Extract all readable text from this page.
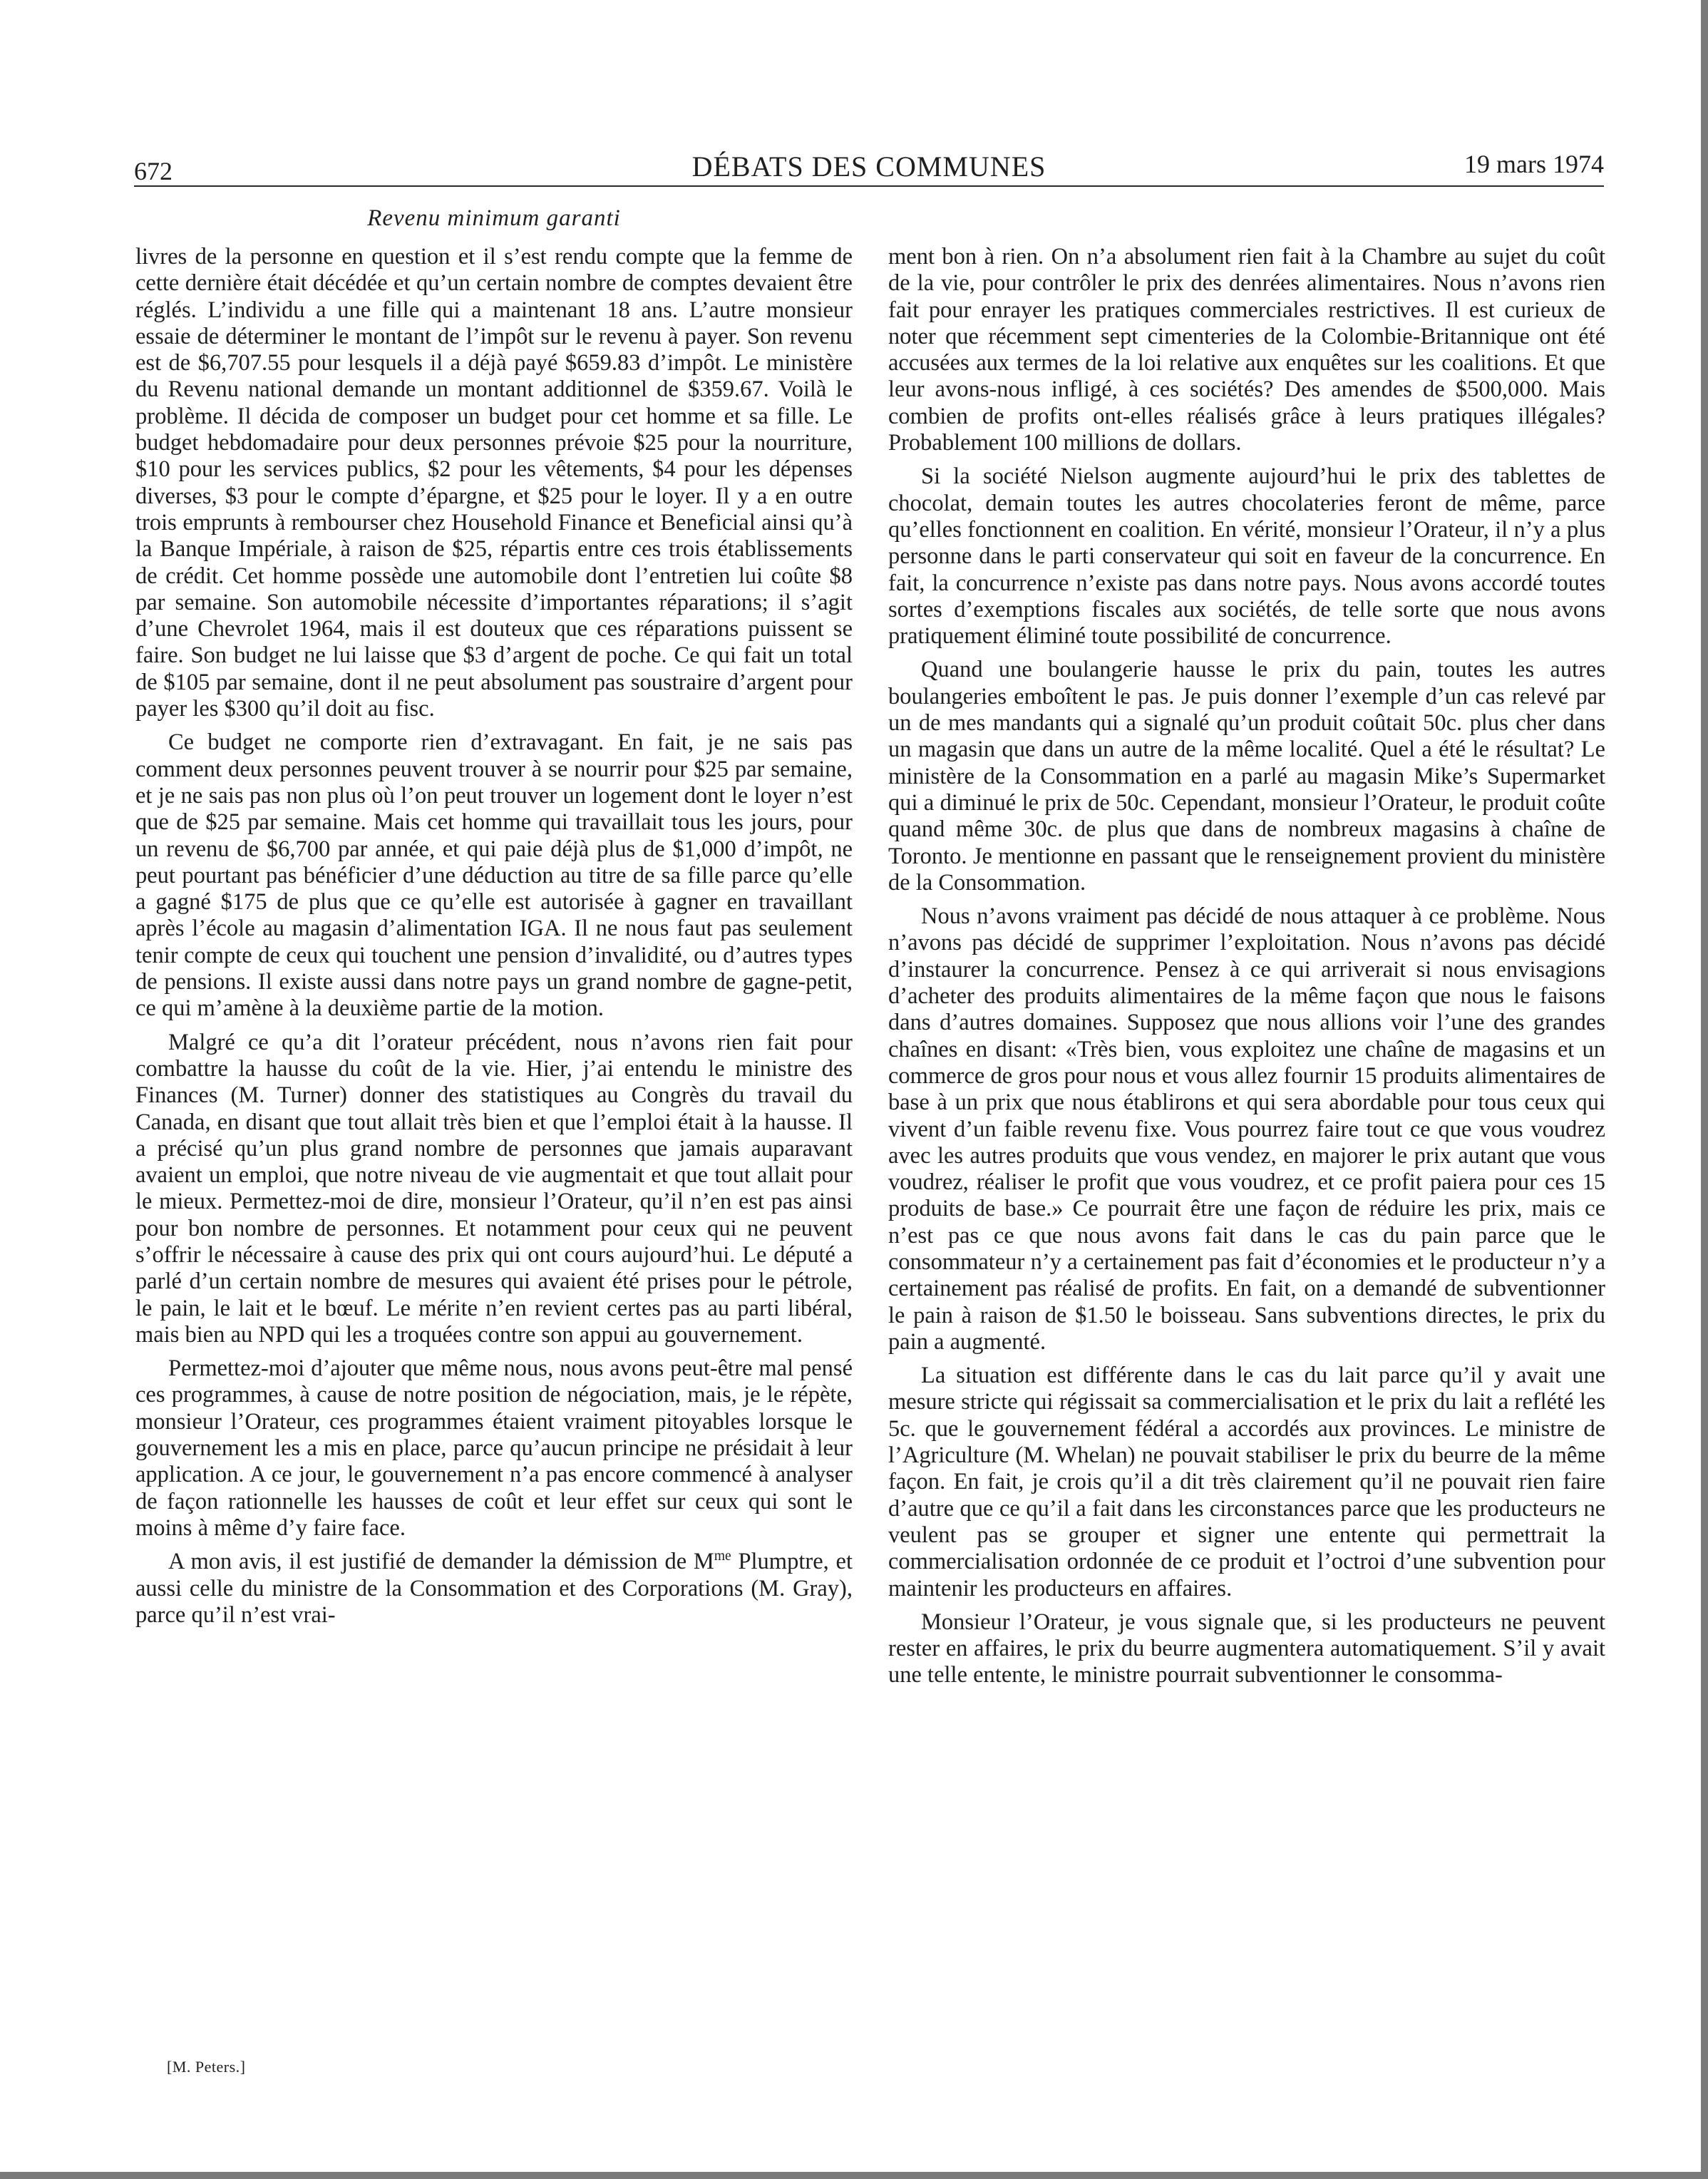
672	DÉBATS DES COMMUNES	19 mars 1974
Revenu minimum garanti

livres de la personne en question et il s’est rendu compte que la femme de cette dernière était décédée et qu’un certain nombre de comptes devaient être réglés. L’individu a une fille qui a maintenant 18 ans. L’autre monsieur essaie de déterminer le montant de l’impôt sur le revenu à payer. Son revenu est de $6,707.55 pour lesquels il a déjà payé $659.83 d’impôt. Le ministère du Revenu national demande un montant additionnel de $359.67. Voilà le problème. Il décida de composer un budget pour cet homme et sa fille. Le budget hebdomadaire pour deux personnes prévoie $25 pour la nourriture, $10 pour les services publics, $2 pour les vêtements, $4 pour les dépenses diverses, $3 pour le compte d’épargne, et $25 pour le loyer. Il y a en outre trois emprunts à rembourser chez Household Finance et Beneficial ainsi qu’à la Banque Impériale, à raison de $25, répartis entre ces trois établissements de crédit. Cet homme possède une automobile dont l’entretien lui coûte $8 par semaine. Son automobile nécessite d’importantes réparations; il s’agit d’une Chevrolet 1964, mais il est douteux que ces réparations puissent se faire. Son budget ne lui laisse que $3 d’argent de poche. Ce qui fait un total de $105 par semaine, dont il ne peut absolument pas soustraire d’argent pour payer les $300 qu’il doit au fisc.

Ce budget ne comporte rien d’extravagant. En fait, je ne sais pas comment deux personnes peuvent trouver à se nourrir pour $25 par semaine, et je ne sais pas non plus où l’on peut trouver un logement dont le loyer n’est que de $25 par semaine. Mais cet homme qui travaillait tous les jours, pour un revenu de $6,700 par année, et qui paie déjà plus de $1,000 d’impôt, ne peut pourtant pas bénéficier d’une déduction au titre de sa fille parce qu’elle a gagné $175 de plus que ce qu’elle est autorisée à gagner en travaillant après l’école au magasin d’alimentation IGA. Il ne nous faut pas seulement tenir compte de ceux qui touchent une pension d’invalidité, ou d’autres types de pensions. Il existe aussi dans notre pays un grand nombre de gagne-petit, ce qui m’amène à la deuxième partie de la motion.

Malgré ce qu’a dit l’orateur précédent, nous n’avons rien fait pour combattre la hausse du coût de la vie. Hier, j’ai entendu le ministre des Finances (M. Turner) donner des statistiques au Congrès du travail du Canada, en disant que tout allait très bien et que l’emploi était à la hausse. Il a précisé qu’un plus grand nombre de personnes que jamais auparavant avaient un emploi, que notre niveau de vie augmentait et que tout allait pour le mieux. Permettez-moi de dire, monsieur l’Orateur, qu’il n’en est pas ainsi pour bon nombre de personnes. Et notamment pour ceux qui ne peuvent s’offrir le nécessaire à cause des prix qui ont cours aujourd’hui. Le député a parlé d’un certain nombre de mesures qui avaient été prises pour le pétrole, le pain, le lait et le bœuf. Le mérite n’en revient certes pas au parti libéral, mais bien au NPD qui les a troquées contre son appui au gouvernement.

Permettez-moi d’ajouter que même nous, nous avons peut-être mal pensé ces programmes, à cause de notre position de négociation, mais, je le répète, monsieur l’Orateur, ces programmes étaient vraiment pitoyables lorsque le gouvernement les a mis en place, parce qu’aucun principe ne présidait à leur application. A ce jour, le gouvernement n’a pas encore commencé à analyser de façon rationnelle les hausses de coût et leur effet sur ceux qui sont le moins à même d’y faire face.

A mon avis, il est justifié de demander la démission de $M^{me}$ Plumptre, et aussi celle du ministre de la Consommation et des Corporations (M. Gray), parce qu’il n’est vrai-

ment bon à rien. On n’a absolument rien fait à la Chambre au sujet du coût de la vie, pour contrôler le prix des denrées alimentaires. Nous n’avons rien fait pour enrayer les pratiques commerciales restrictives. Il est curieux de noter que récemment sept cimenteries de la Colombie-Britannique ont été accusées aux termes de la loi relative aux enquêtes sur les coalitions. Et que leur avons-nous infligé, à ces sociétés? Des amendes de $500,000. Mais combien de profits ont-elles réalisés grâce à leurs pratiques illégales? Probablement 100 millions de dollars.

Si la société Nielson augmente aujourd’hui le prix des tablettes de chocolat, demain toutes les autres chocolateries feront de même, parce qu’elles fonctionnent en coalition. En vérité, monsieur l’Orateur, il n’y a plus personne dans le parti conservateur qui soit en faveur de la concurrence. En fait, la concurrence n’existe pas dans notre pays. Nous avons accordé toutes sortes d’exemptions fiscales aux sociétés, de telle sorte que nous avons pratiquement éliminé toute possibilité de concurrence.

Quand une boulangerie hausse le prix du pain, toutes les autres boulangeries emboîtent le pas. Je puis donner l’exemple d’un cas relevé par un de mes mandants qui a signalé qu’un produit coûtait 50c. plus cher dans un magasin que dans un autre de la même localité. Quel a été le résultat? Le ministère de la Consommation en a parlé au magasin Mike’s Supermarket qui a diminué le prix de 50c. Cependant, monsieur l’Orateur, le produit coûte quand même 30c. de plus que dans de nombreux magasins à chaîne de Toronto. Je mentionne en passant que le renseignement provient du ministère de la Consommation.

Nous n’avons vraiment pas décidé de nous attaquer à ce problème. Nous n’avons pas décidé de supprimer l’exploitation. Nous n’avons pas décidé d’instaurer la concurrence. Pensez à ce qui arriverait si nous envisagions d’acheter des produits alimentaires de la même façon que nous le faisons dans d’autres domaines. Supposez que nous allions voir l’une des grandes chaînes en disant: «Très bien, vous exploitez une chaîne de magasins et un commerce de gros pour nous et vous allez fournir 15 produits alimentaires de base à un prix que nous établirons et qui sera abordable pour tous ceux qui vivent d’un faible revenu fixe. Vous pourrez faire tout ce que vous voudrez avec les autres produits que vous vendez, en majorer le prix autant que vous voudrez, réaliser le profit que vous voudrez, et ce profit paiera pour ces 15 produits de base.» Ce pourrait être une façon de réduire les prix, mais ce n’est pas ce que nous avons fait dans le cas du pain parce que le consommateur n’y a certainement pas fait d’économies et le producteur n’y a certainement pas réalisé de profits. En fait, on a demandé de subventionner le pain à raison de $1.50 le boisseau. Sans subventions directes, le prix du pain a augmenté.

La situation est différente dans le cas du lait parce qu’il y avait une mesure stricte qui régissait sa commercialisation et le prix du lait a reflété les 5c. que le gouvernement fédéral a accordés aux provinces. Le ministre de l’Agriculture (M. Whelan) ne pouvait stabiliser le prix du beurre de la même façon. En fait, je crois qu’il a dit très clairement qu’il ne pouvait rien faire d’autre que ce qu’il a fait dans les circonstances parce que les producteurs ne veulent pas se grouper et signer une entente qui permettrait la commercialisation ordonnée de ce produit et l’octroi d’une subvention pour maintenir les producteurs en affaires.

Monsieur l’Orateur, je vous signale que, si les producteurs ne peuvent rester en affaires, le prix du beurre augmentera automatiquement. S’il y avait une telle entente, le ministre pourrait subventionner le consomma-

[M. Peters.]
